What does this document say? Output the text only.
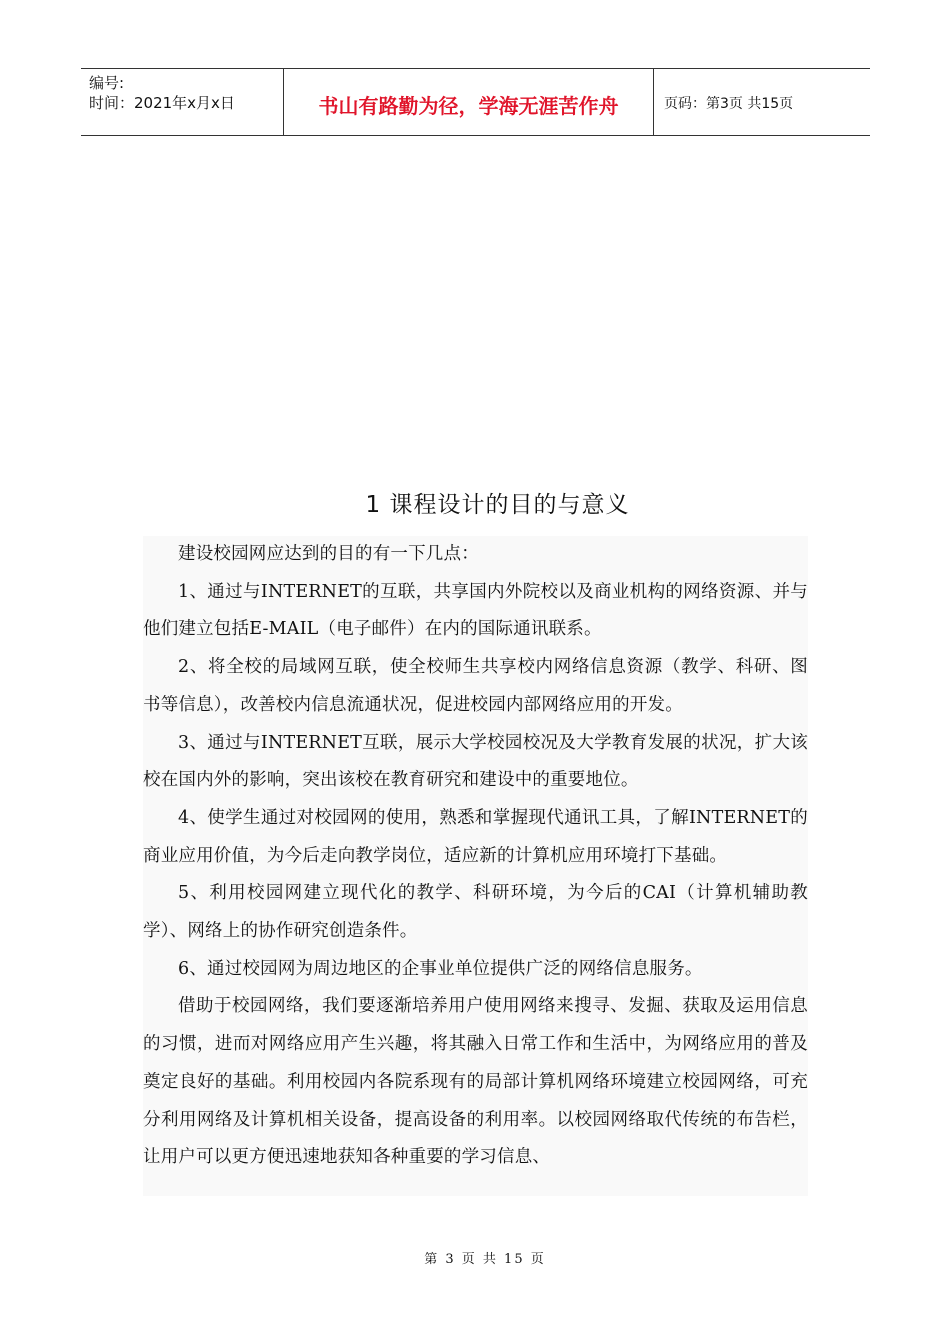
编号:
时间：2021年x月x日	书山有路勤为径，学海无涯苦作舟	页码：第3页 共15页
1 课程设计的目的与意义

建设校园网应达到的目的有一下几点：

1、通过与INTERNET的互联，共享国内外院校以及商业机构的网络资源、并与他们建立包括E-MAIL（电子邮件）在内的国际通讯联系。

2、将全校的局域网互联，使全校师生共享校内网络信息资源（教学、科研、图书等信息），改善校内信息流通状况，促进校园内部网络应用的开发。

3、通过与INTERNET互联，展示大学校园校况及大学教育发展的状况，扩大该校在国内外的影响，突出该校在教育研究和建设中的重要地位。

4、使学生通过对校园网的使用，熟悉和掌握现代通讯工具，了解INTERNET的商业应用价值，为今后走向教学岗位，适应新的计算机应用环境打下基础。

5、利用校园网建立现代化的教学、科研环境，为今后的CAI（计算机辅助教学）、网络上的协作研究创造条件。

6、通过校园网为周边地区的企事业单位提供广泛的网络信息服务。

借助于校园网络，我们要逐渐培养用户使用网络来搜寻、发掘、获取及运用信息的习惯，进而对网络应用产生兴趣，将其融入日常工作和生活中，为网络应用的普及奠定良好的基础。利用校园内各院系现有的局部计算机网络环境建立校园网络，可充分利用网络及计算机相关设备，提高设备的利用率。以校园网络取代传统的布告栏，让用户可以更方便迅速地获知各种重要的学习信息、

第 3 页 共 15 页
